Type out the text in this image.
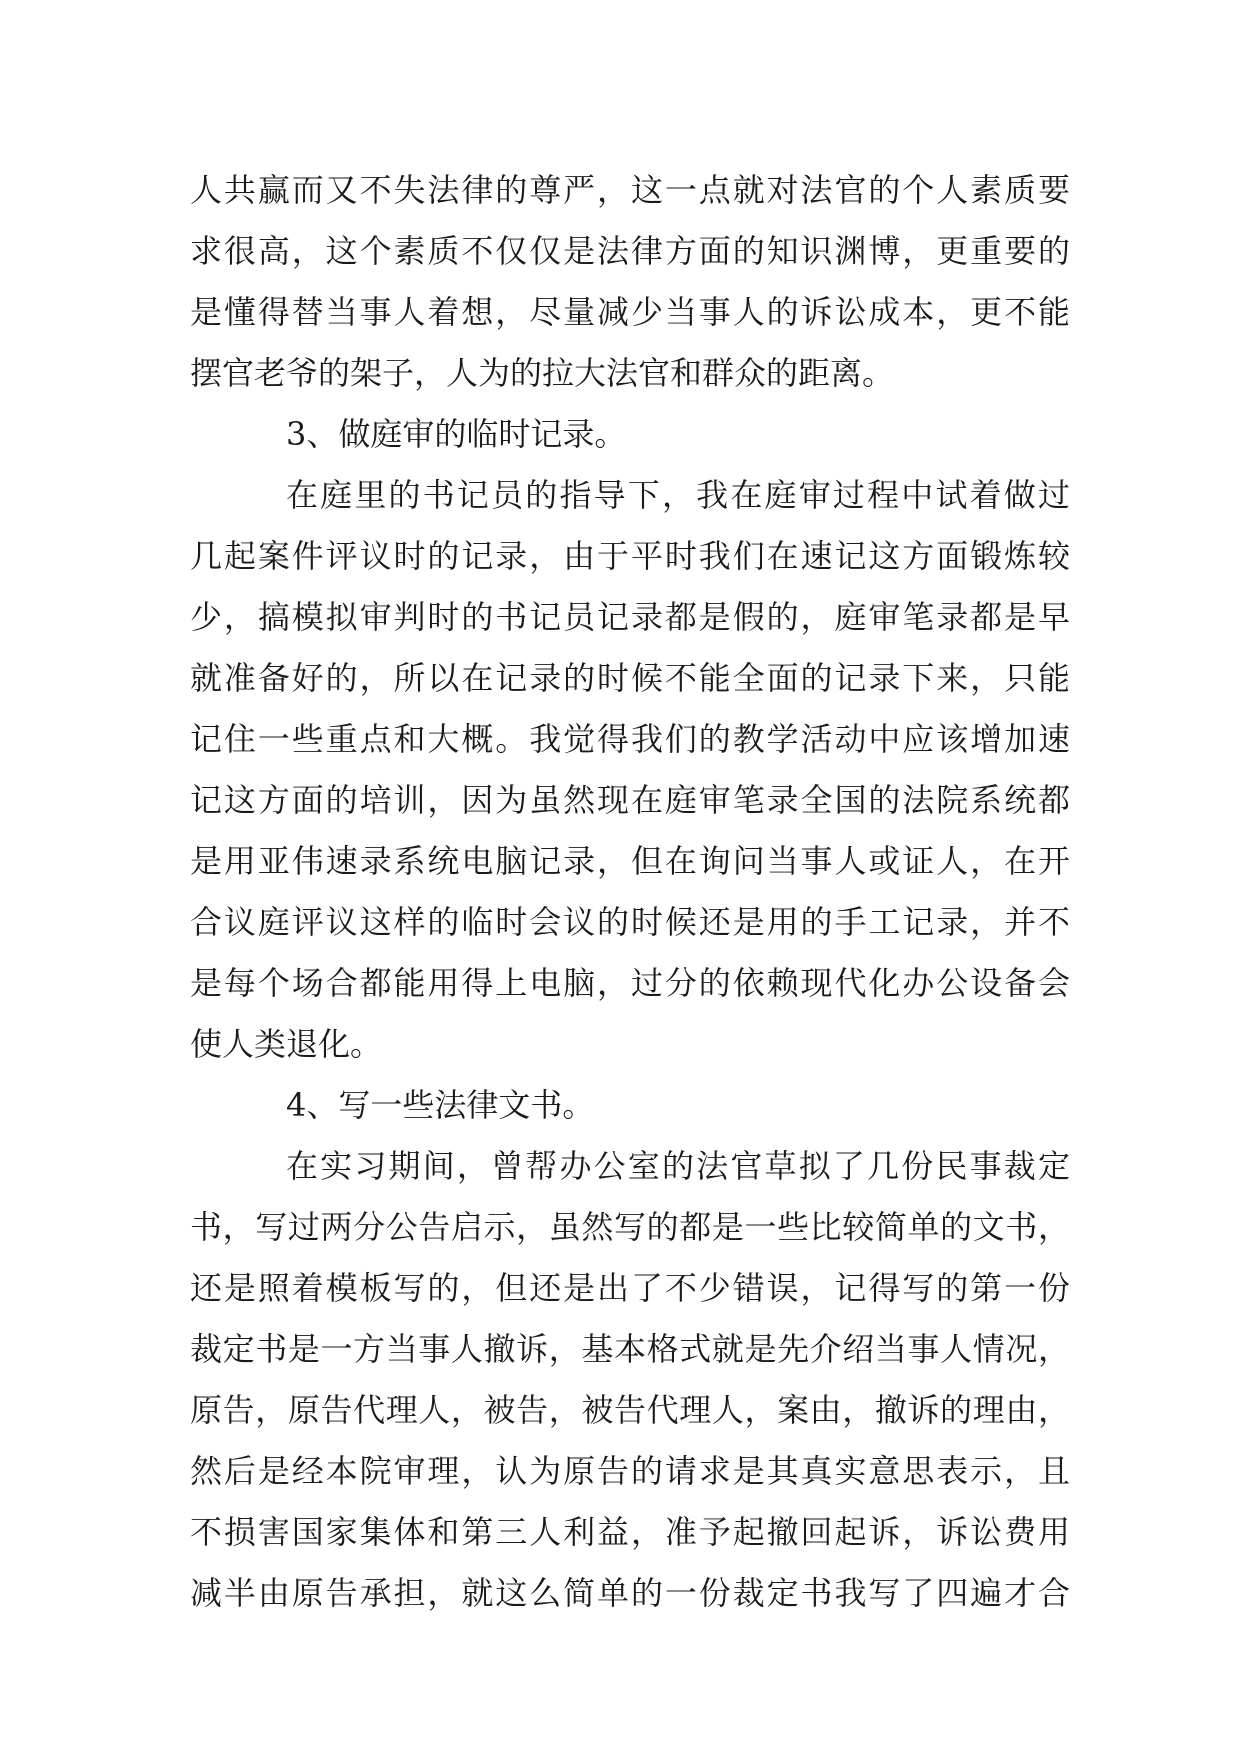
人共赢而又不失法律的尊严，这一点就对法官的个人素质要
求很高，这个素质不仅仅是法律方面的知识渊博，更重要的
是懂得替当事人着想，尽量减少当事人的诉讼成本，更不能
摆官老爷的架子，人为的拉大法官和群众的距离。
3、做庭审的临时记录。
在庭里的书记员的指导下，我在庭审过程中试着做过
几起案件评议时的记录，由于平时我们在速记这方面锻炼较
少，搞模拟审判时的书记员记录都是假的，庭审笔录都是早
就准备好的，所以在记录的时候不能全面的记录下来，只能
记住一些重点和大概。我觉得我们的教学活动中应该增加速
记这方面的培训，因为虽然现在庭审笔录全国的法院系统都
是用亚伟速录系统电脑记录，但在询问当事人或证人，在开
合议庭评议这样的临时会议的时候还是用的手工记录，并不
是每个场合都能用得上电脑，过分的依赖现代化办公设备会
使人类退化。
4、写一些法律文书。
在实习期间，曾帮办公室的法官草拟了几份民事裁定
书，写过两分公告启示，虽然写的都是一些比较简单的文书，
还是照着模板写的，但还是出了不少错误，记得写的第一份
裁定书是一方当事人撤诉，基本格式就是先介绍当事人情况，
原告，原告代理人，被告，被告代理人，案由，撤诉的理由，
然后是经本院审理，认为原告的请求是其真实意思表示，且
不损害国家集体和第三人利益，准予起撤回起诉，诉讼费用
减半由原告承担，就这么简单的一份裁定书我写了四遍才合
